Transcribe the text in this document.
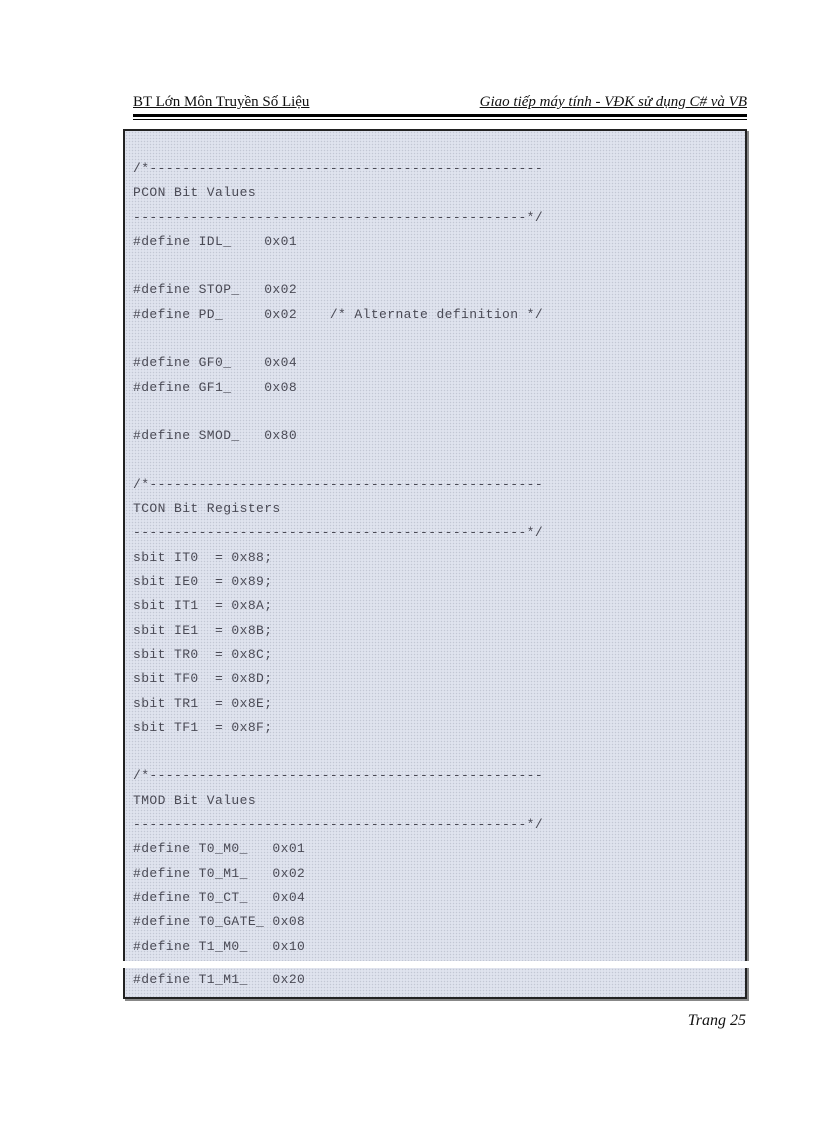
BT Lớn Môn Truyền Số Liệu	Giao tiếp máy tính - VĐK sử dụng C# và VB
/*------------------------------------------------
PCON Bit Values
------------------------------------------------*/
#define IDL_    0x01
#define STOP_   0x02
#define PD_     0x02    /* Alternate definition */
#define GF0_    0x04
#define GF1_    0x08
#define SMOD_   0x80
/*------------------------------------------------
TCON Bit Registers
------------------------------------------------*/
sbit IT0  = 0x88;
sbit IE0  = 0x89;
sbit IT1  = 0x8A;
sbit IE1  = 0x8B;
sbit TR0  = 0x8C;
sbit TF0  = 0x8D;
sbit TR1  = 0x8E;
sbit TF1  = 0x8F;
/*------------------------------------------------
TMOD Bit Values
------------------------------------------------*/
#define T0_M0_   0x01
#define T0_M1_   0x02
#define T0_CT_   0x04
#define T0_GATE_ 0x08
#define T1_M0_   0x10
#define T1_M1_   0x20
Trang 25
